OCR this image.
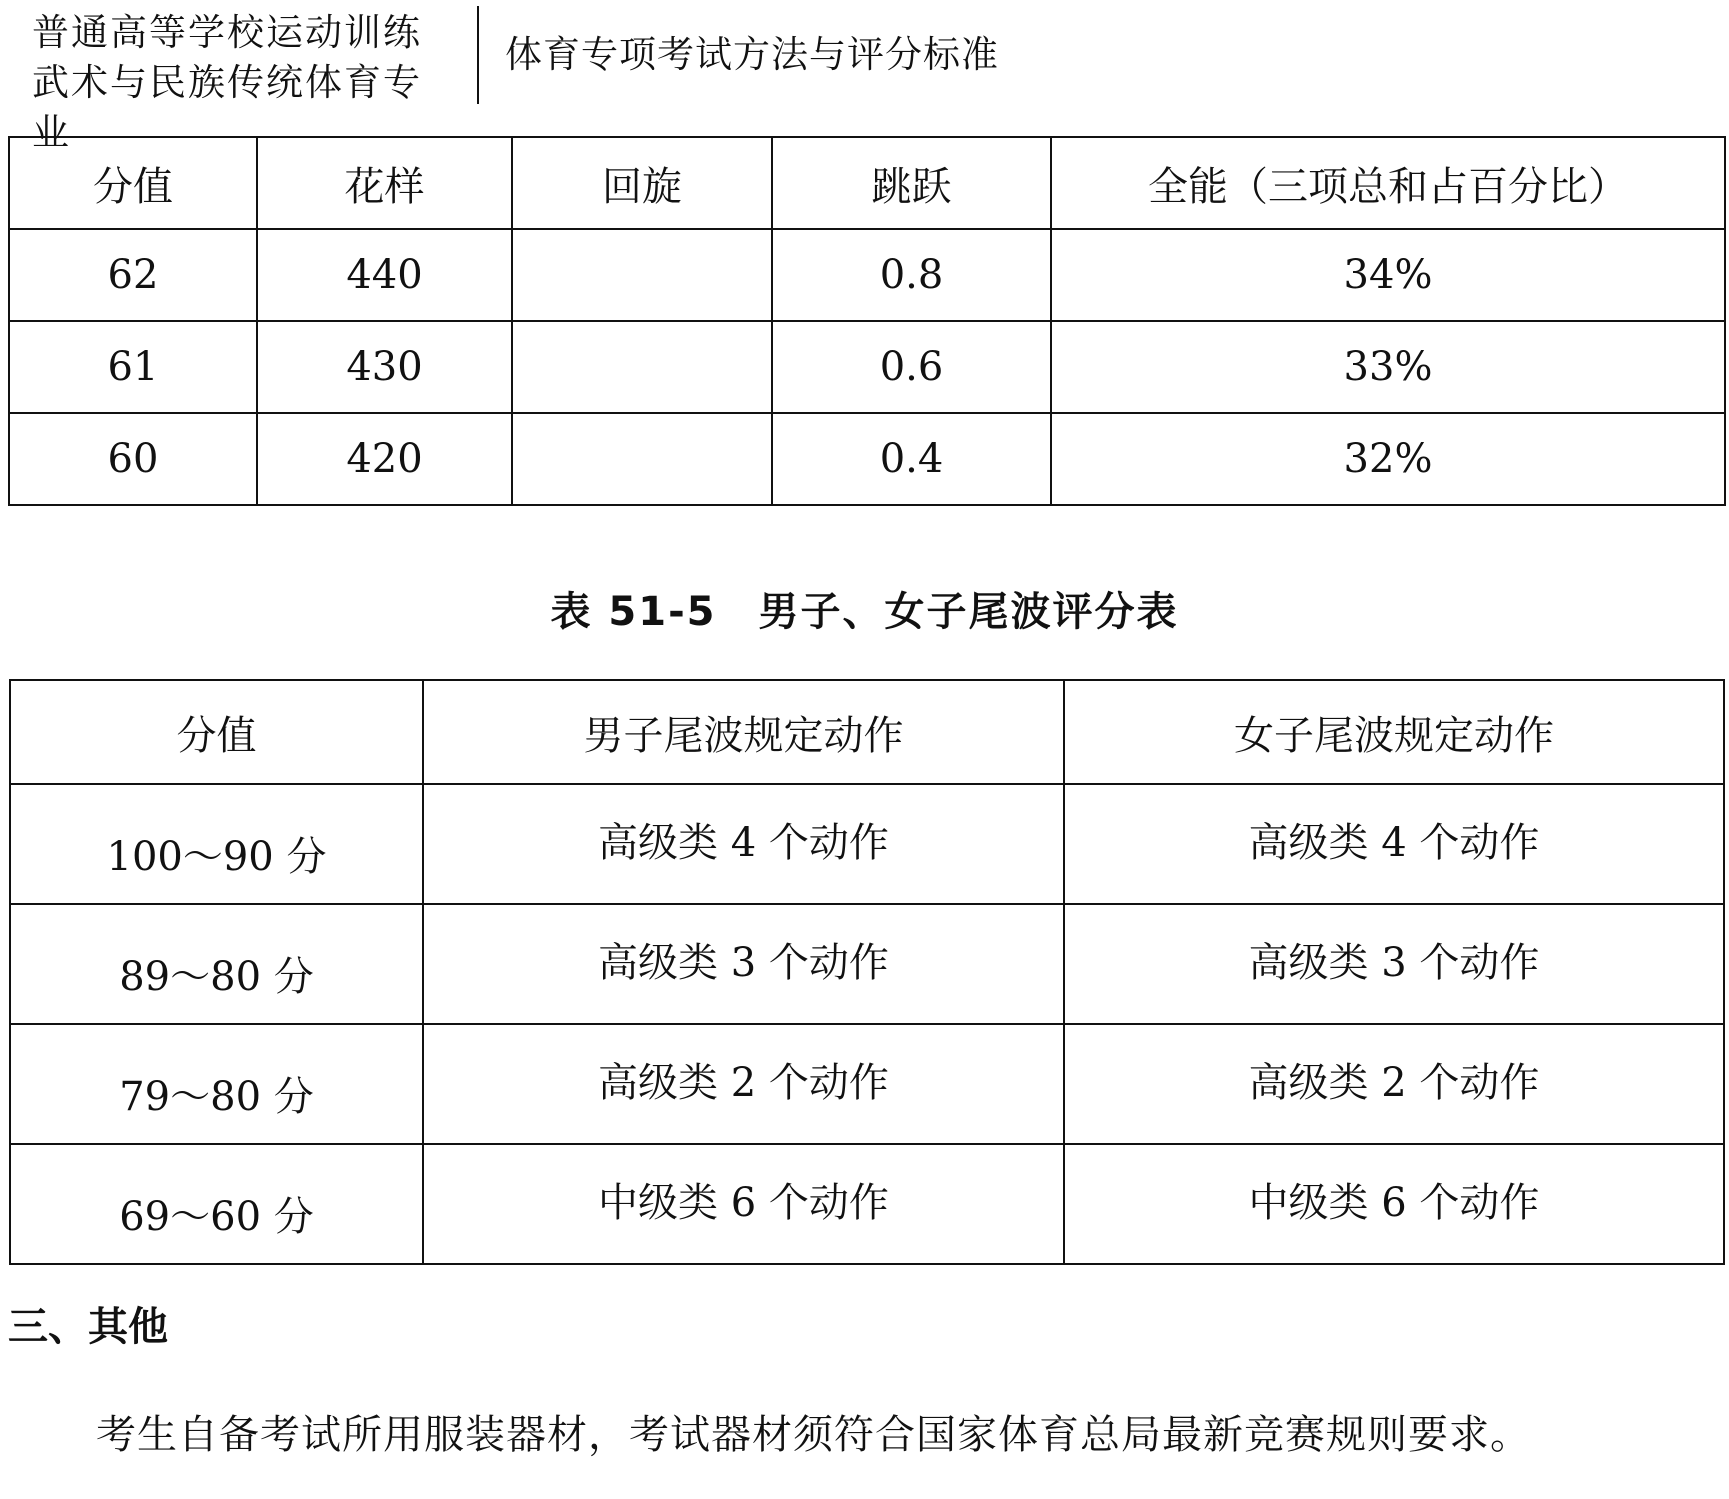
普通高等学校运动训练
武术与民族传统体育专业
体育专项考试方法与评分标准
分值	花样	回旋	跳跃	全能（三项总和占百分比）
62	440		0.8	34%
61	430		0.6	33%
60	420		0.4	32%
表 51-5　男子、女子尾波评分表
分值	男子尾波规定动作	女子尾波规定动作
100～90 分	高级类 4 个动作	高级类 4 个动作
89～80 分	高级类 3 个动作	高级类 3 个动作
79～80 分	高级类 2 个动作	高级类 2 个动作
69～60 分	中级类 6 个动作	中级类 6 个动作
三、其他
考生自备考试所用服装器材，考试器材须符合国家体育总局最新竞赛规则要求。
